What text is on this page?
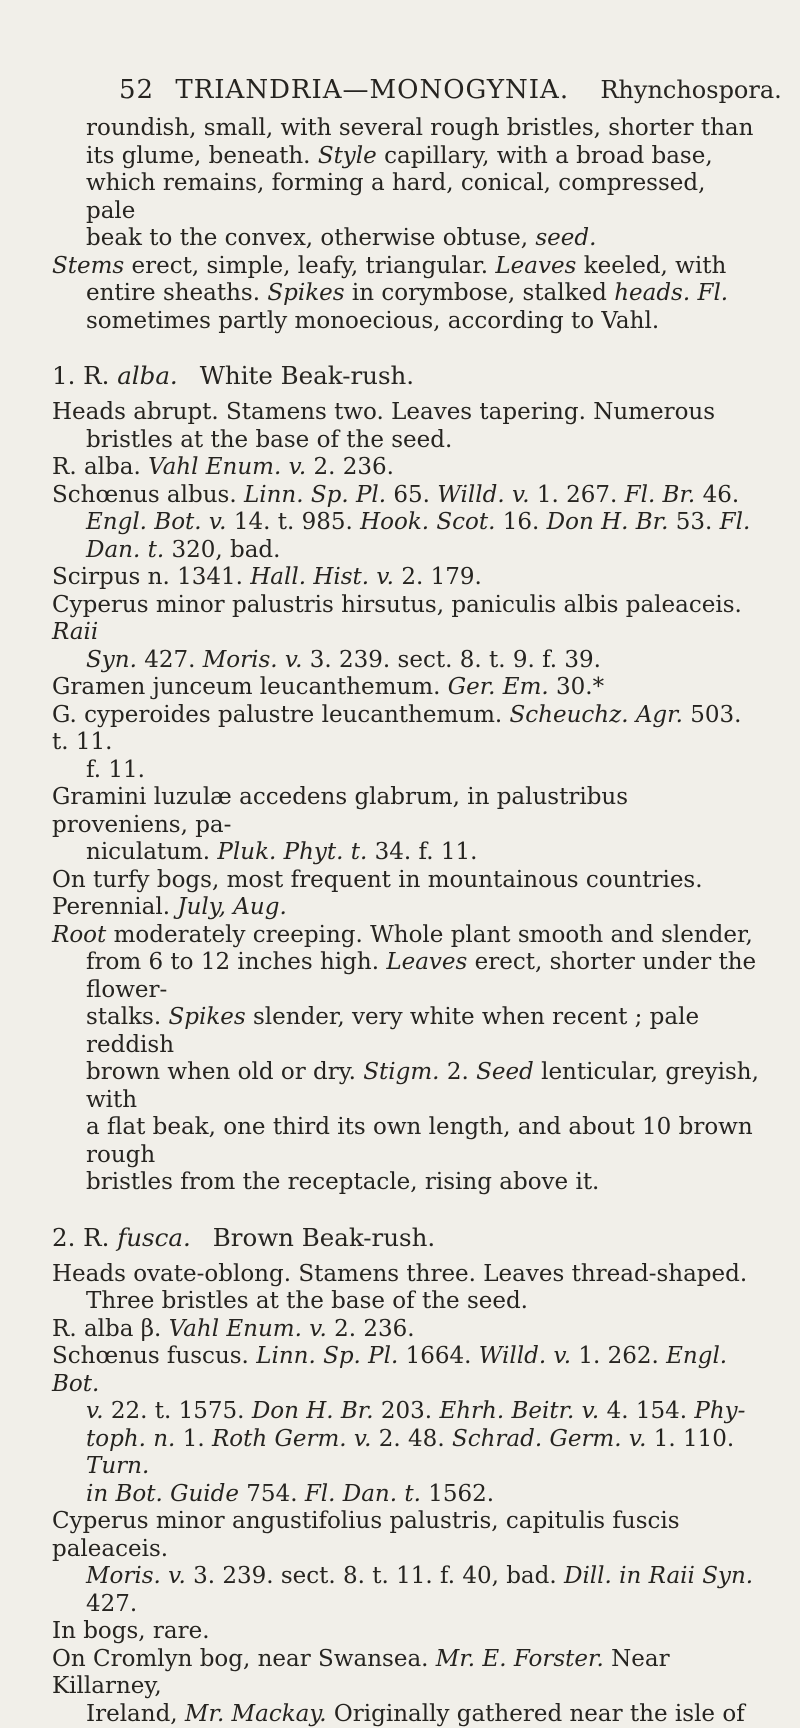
52 TRIANDRIA—MONOGYNIA. Rhynchospora.

roundish, small, with several rough bristles, shorter than

its glume, beneath. Style capillary, with a broad base,

which remains, forming a hard, conical, compressed, pale

beak to the convex, otherwise obtuse, seed.

Stems erect, simple, leafy, triangular. Leaves keeled, with

entire sheaths. Spikes in corymbose, stalked heads. Fl.

sometimes partly monoecious, according to Vahl.

1. R. alba. White Beak-rush.

Heads abrupt. Stamens two. Leaves tapering. Numerous

bristles at the base of the seed.

R. alba. Vahl Enum. v. 2. 236.

Schœnus albus. Linn. Sp. Pl. 65. Willd. v. 1. 267. Fl. Br. 46.

Engl. Bot. v. 14. t. 985. Hook. Scot. 16. Don H. Br. 53. Fl.

Dan. t. 320, bad.

Scirpus n. 1341. Hall. Hist. v. 2. 179.

Cyperus minor palustris hirsutus, paniculis albis paleaceis. Raii

Syn. 427. Moris. v. 3. 239. sect. 8. t. 9. f. 39.

Gramen junceum leucanthemum. Ger. Em. 30.*

G. cyperoides palustre leucanthemum. Scheuchz. Agr. 503. t. 11.

f. 11.

Gramini luzulæ accedens glabrum, in palustribus proveniens, pa-

niculatum. Pluk. Phyt. t. 34. f. 11.

On turfy bogs, most frequent in mountainous countries.

Perennial. July, Aug.

Root moderately creeping. Whole plant smooth and slender,

from 6 to 12 inches high. Leaves erect, shorter under the flower-

stalks. Spikes slender, very white when recent ; pale reddish

brown when old or dry. Stigm. 2. Seed lenticular, greyish, with

a flat beak, one third its own length, and about 10 brown rough

bristles from the receptacle, rising above it.

2. R. fusca. Brown Beak-rush.

Heads ovate-oblong. Stamens three. Leaves thread-shaped.

Three bristles at the base of the seed.

R. alba β. Vahl Enum. v. 2. 236.

Schœnus fuscus. Linn. Sp. Pl. 1664. Willd. v. 1. 262. Engl. Bot.

v. 22. t. 1575. Don H. Br. 203. Ehrh. Beitr. v. 4. 154. Phy-

toph. n. 1. Roth Germ. v. 2. 48. Schrad. Germ. v. 1. 110. Turn.

in Bot. Guide 754. Fl. Dan. t. 1562.

Cyperus minor angustifolius palustris, capitulis fuscis paleaceis.

Moris. v. 3. 239. sect. 8. t. 11. f. 40, bad. Dill. in Raii Syn. 427.

In bogs, rare.

On Cromlyn bog, near Swansea. Mr. E. Forster. Near Killarney,

Ireland, Mr. Mackay. Originally gathered near the isle of
